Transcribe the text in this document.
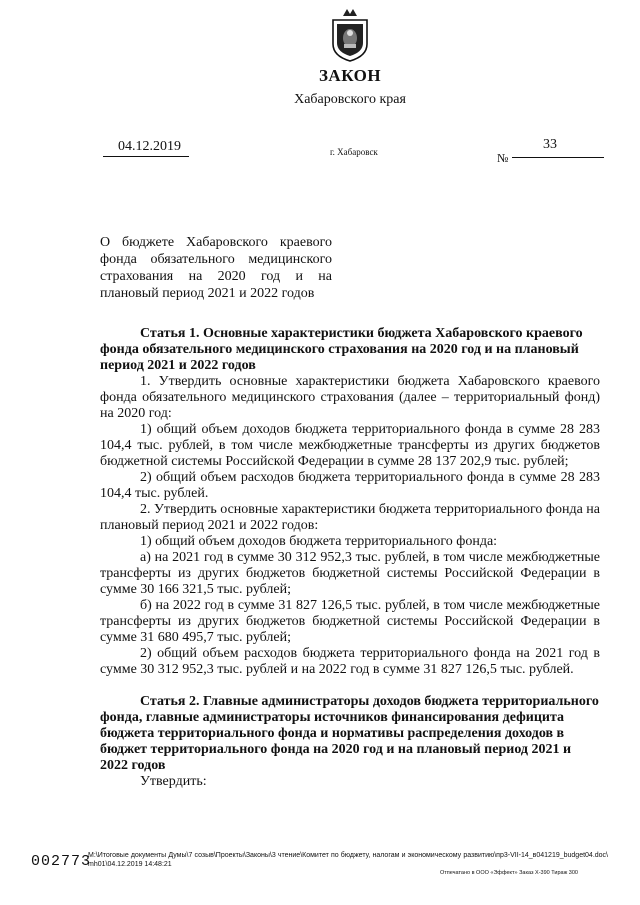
ЗАКОН
Хабаровского края
04.12.2019	г. Хабаровск	№
33
О бюджете Хабаровского краевого фонда обязательного медицинского страхования на 2020 год и на плановый период 2021 и 2022 годов

Статья 1. Основные характеристики бюджета Хабаровского краевого фонда обязательного медицинского страхования на 2020 год и на плановый период 2021 и 2022 годов

1. Утвердить основные характеристики бюджета Хабаровского краевого фонда обязательного медицинского страхования (далее – территориальный фонд) на 2020 год:

1) общий объем доходов бюджета территориального фонда в сумме 28 283 104,4 тыс. рублей, в том числе межбюджетные трансферты из других бюджетов бюджетной системы Российской Федерации в сумме 28 137 202,9 тыс. рублей;

2) общий объем расходов бюджета территориального фонда в сумме 28 283 104,4 тыс. рублей.

2. Утвердить основные характеристики бюджета территориального фонда на плановый период 2021 и 2022 годов:

1) общий объем доходов бюджета территориального фонда:

а) на 2021 год в сумме 30 312 952,3 тыс. рублей, в том числе межбюджетные трансферты из других бюджетов бюджетной системы Российской Федерации в сумме 30 166 321,5 тыс. рублей;

б) на 2022 год в сумме 31 827 126,5 тыс. рублей, в том числе межбюджетные трансферты из других бюджетов бюджетной системы Российской Федерации в сумме 31 680 495,7 тыс. рублей;

2) общий объем расходов бюджета территориального фонда на 2021 год в сумме 30 312 952,3 тыс. рублей и на 2022 год в сумме 31 827 126,5 тыс. рублей.

Статья 2. Главные администраторы доходов бюджета территориального фонда, главные администраторы источников финансирования дефицита бюджета территориального фонда и нормативы распределения доходов в бюджет территориального фонда на 2020 год и на плановый период 2021 и 2022 годов

Утвердить:

002773
М:\Итоговые документы Думы\7 созыв\Проекты\Законы\3 чтение\Комитет по бюджету, налогам и экономическому развитию\пр3-VII-14_в041219_budget04.doc\ mh01\04.12.2019 14:48:21
Отпечатано в ООО «Эффект» Заказ Х-390 Тираж 300
